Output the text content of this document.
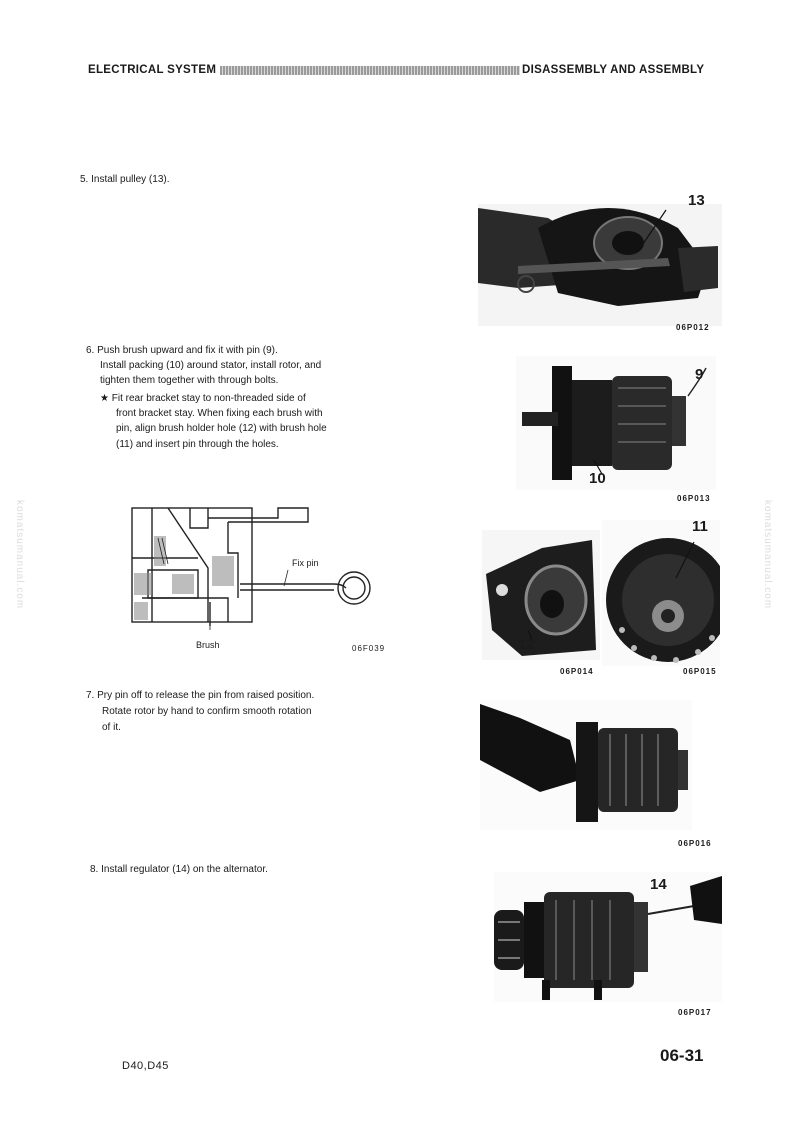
ELECTRICAL SYSTEM	DISASSEMBLY AND ASSEMBLY
komatsumanual.com	komatsumanual.com
5. Install pulley (13).
6. Push brush upward and fix it with pin (9).
Install packing (10) around stator, install rotor, and
tighten them together with through bolts.
★ Fit rear bracket stay to non-threaded side of
front bracket stay. When fixing each brush with
pin, align brush holder hole (12) with brush hole
(11) and insert pin through the holes.
Fix pin
Brush	06F039
7. Pry pin off to release the pin from raised position.
Rotate rotor by hand to confirm smooth rotation
of it.
8. Install regulator (14) on the alternator.
13
06P012
9
10
06P013
12
06P014
11
06P015
06P016
14
06P017
D40,D45
06-31
